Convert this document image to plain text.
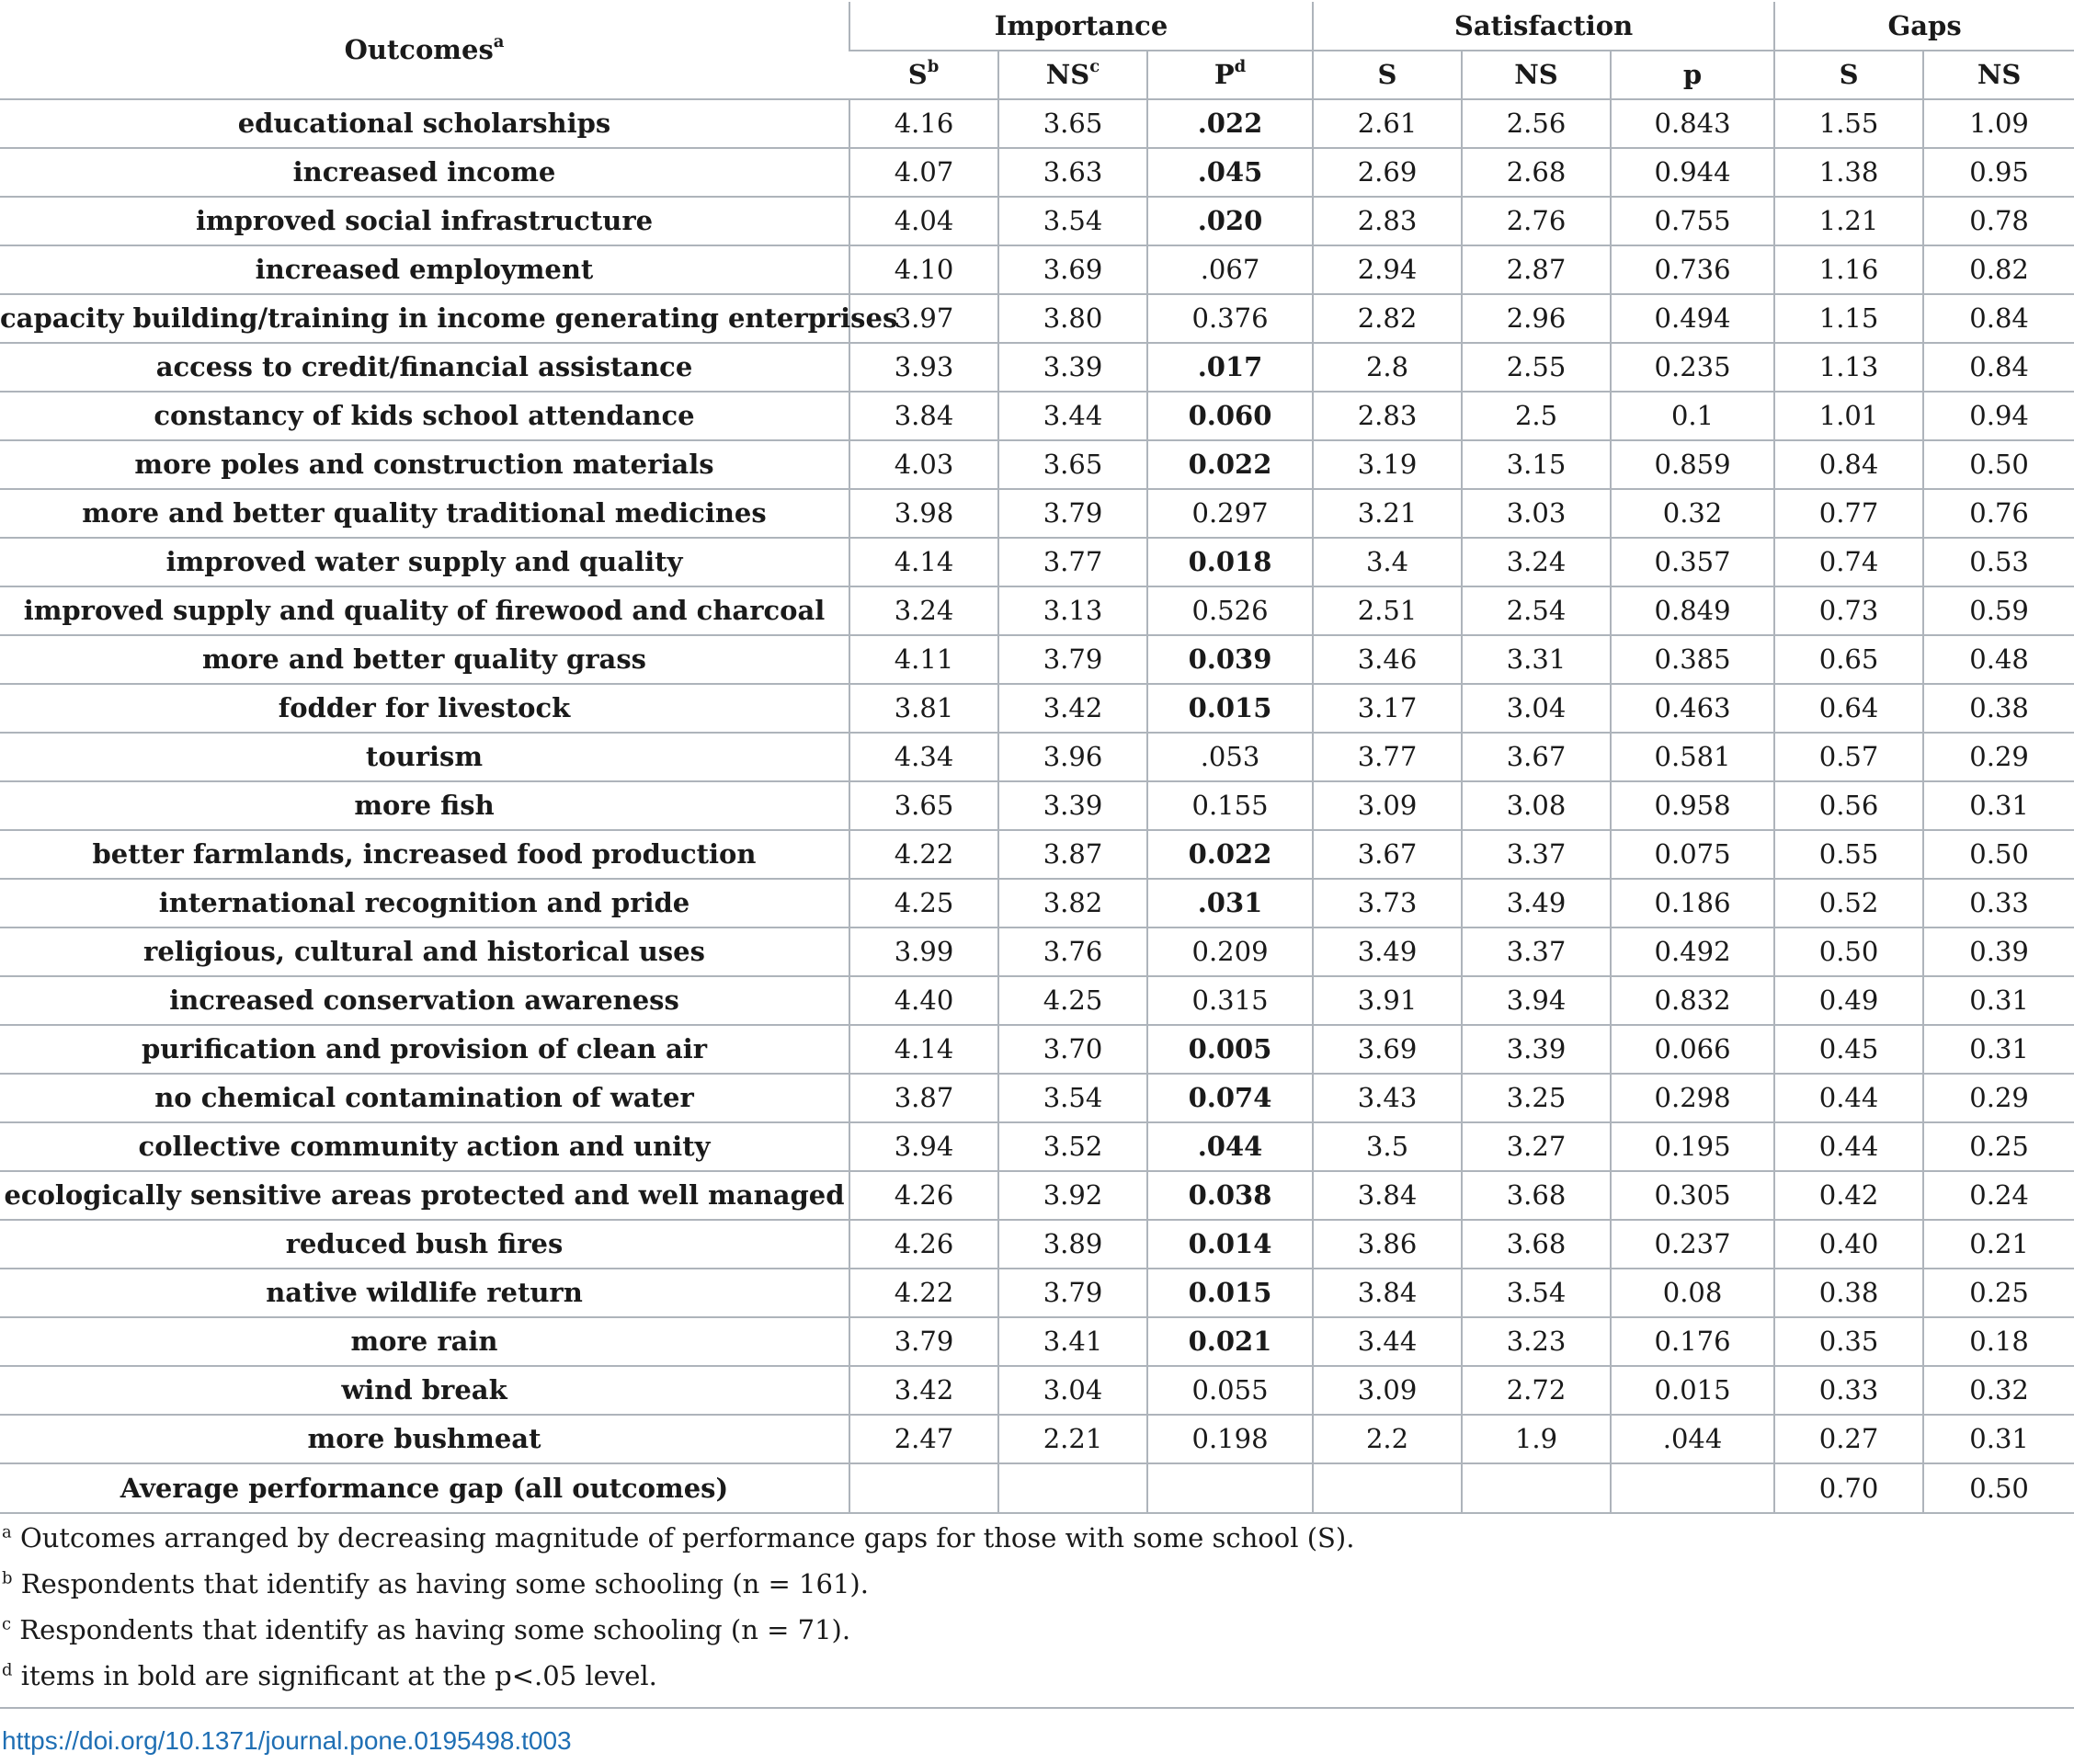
Outcomes$^a$	Importance			Satisfaction			Gaps	
	$S^b$	$NS^c$	$P^d$	S	NS	p	S	NS
educational scholarships	4.16	3.65	.022	2.61	2.56	0.843	1.55	1.09
increased income	4.07	3.63	.045	2.69	2.68	0.944	1.38	0.95
improved social infrastructure	4.04	3.54	.020	2.83	2.76	0.755	1.21	0.78
increased employment	4.10	3.69	.067	2.94	2.87	0.736	1.16	0.82
capacity building/training in income generating enterprises	3.97	3.80	0.376	2.82	2.96	0.494	1.15	0.84
access to credit/financial assistance	3.93	3.39	.017	2.8	2.55	0.235	1.13	0.84
constancy of kids school attendance	3.84	3.44	0.060	2.83	2.5	0.1	1.01	0.94
more poles and construction materials	4.03	3.65	0.022	3.19	3.15	0.859	0.84	0.50
more and better quality traditional medicines	3.98	3.79	0.297	3.21	3.03	0.32	0.77	0.76
improved water supply and quality	4.14	3.77	0.018	3.4	3.24	0.357	0.74	0.53
improved supply and quality of firewood and charcoal	3.24	3.13	0.526	2.51	2.54	0.849	0.73	0.59
more and better quality grass	4.11	3.79	0.039	3.46	3.31	0.385	0.65	0.48
fodder for livestock	3.81	3.42	0.015	3.17	3.04	0.463	0.64	0.38
tourism	4.34	3.96	.053	3.77	3.67	0.581	0.57	0.29
more fish	3.65	3.39	0.155	3.09	3.08	0.958	0.56	0.31
better farmlands, increased food production	4.22	3.87	0.022	3.67	3.37	0.075	0.55	0.50
international recognition and pride	4.25	3.82	.031	3.73	3.49	0.186	0.52	0.33
religious, cultural and historical uses	3.99	3.76	0.209	3.49	3.37	0.492	0.50	0.39
increased conservation awareness	4.40	4.25	0.315	3.91	3.94	0.832	0.49	0.31
purification and provision of clean air	4.14	3.70	0.005	3.69	3.39	0.066	0.45	0.31
no chemical contamination of water	3.87	3.54	0.074	3.43	3.25	0.298	0.44	0.29
collective community action and unity	3.94	3.52	.044	3.5	3.27	0.195	0.44	0.25
ecologically sensitive areas protected and well managed	4.26	3.92	0.038	3.84	3.68	0.305	0.42	0.24
reduced bush fires	4.26	3.89	0.014	3.86	3.68	0.237	0.40	0.21
native wildlife return	4.22	3.79	0.015	3.84	3.54	0.08	0.38	0.25
more rain	3.79	3.41	0.021	3.44	3.23	0.176	0.35	0.18
wind break	3.42	3.04	0.055	3.09	2.72	0.015	0.33	0.32
more bushmeat	2.47	2.21	0.198	2.2	1.9	.044	0.27	0.31
Average performance gap (all outcomes)							0.70	0.50

$^a$ Outcomes arranged by decreasing magnitude of performance gaps for those with some school (S).

$^b$ Respondents that identify as having some schooling (n = 161).

$^c$ Respondents that identify as having some schooling (n = 71).

$^d$ items in bold are significant at the p<.05 level.

https://doi.org/10.1371/journal.pone.0195498.t003
